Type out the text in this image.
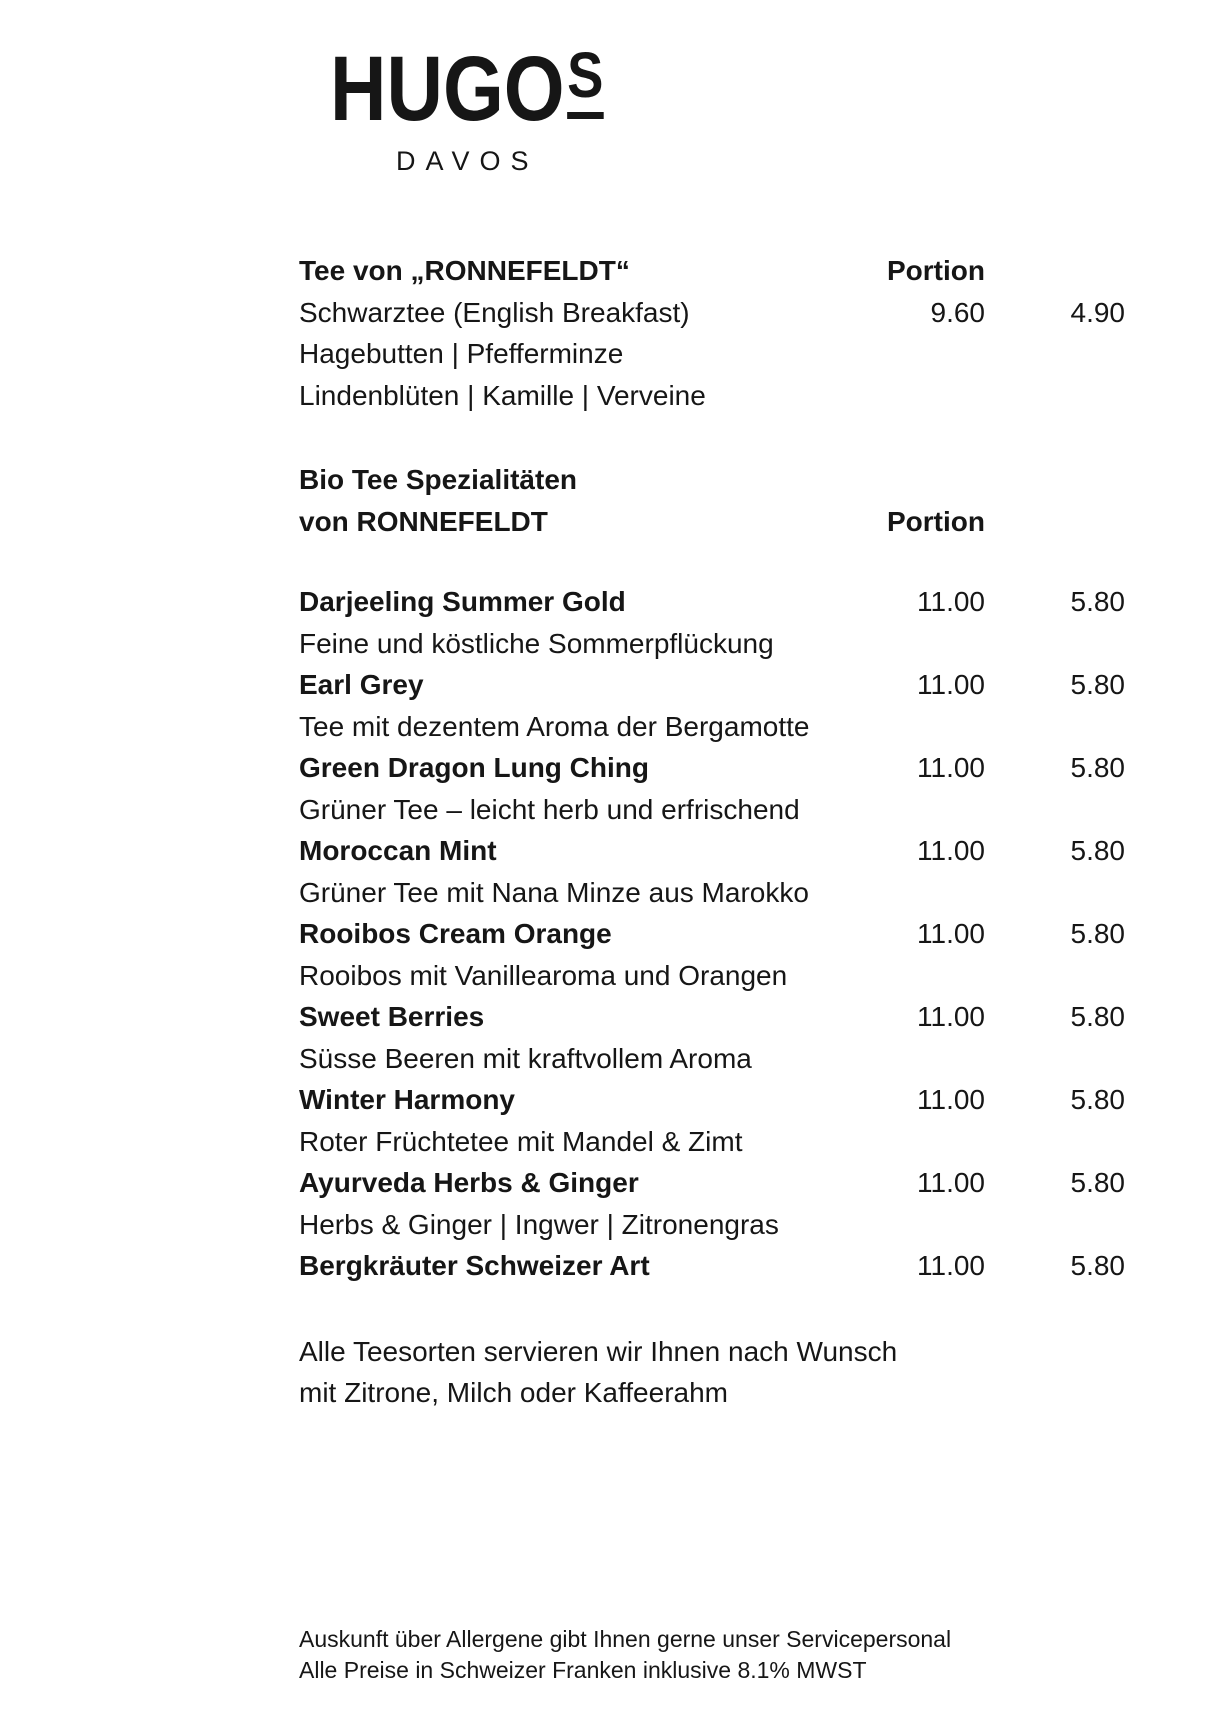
HUGO S
DAVOS
Tee von „RONNEFELDT“	Portion
Schwarztee (English Breakfast)	9.60	4.90
Hagebutten | Pfefferminze
Lindenblüten | Kamille | Verveine
Bio Tee Spezialitäten
von RONNEFELDT	Portion
Darjeeling Summer Gold	11.00	5.80
Feine und köstliche Sommerpflückung
Earl Grey	11.00	5.80
Tee mit dezentem Aroma der Bergamotte
Green Dragon Lung Ching	11.00	5.80
Grüner Tee – leicht herb und erfrischend
Moroccan Mint	11.00	5.80
Grüner Tee mit Nana Minze aus Marokko
Rooibos Cream Orange	11.00	5.80
Rooibos mit Vanillearoma und Orangen
Sweet Berries	11.00	5.80
Süsse Beeren mit kraftvollem Aroma
Winter Harmony	11.00	5.80
Roter Früchtetee mit Mandel & Zimt
Ayurveda Herbs & Ginger	11.00	5.80
Herbs & Ginger | Ingwer | Zitronengras
Bergkräuter Schweizer Art	11.00	5.80
Alle Teesorten servieren wir Ihnen nach Wunsch
mit Zitrone, Milch oder Kaffeerahm
Auskunft über Allergene gibt Ihnen gerne unser Servicepersonal
Alle Preise in Schweizer Franken inklusive 8.1% MWST
